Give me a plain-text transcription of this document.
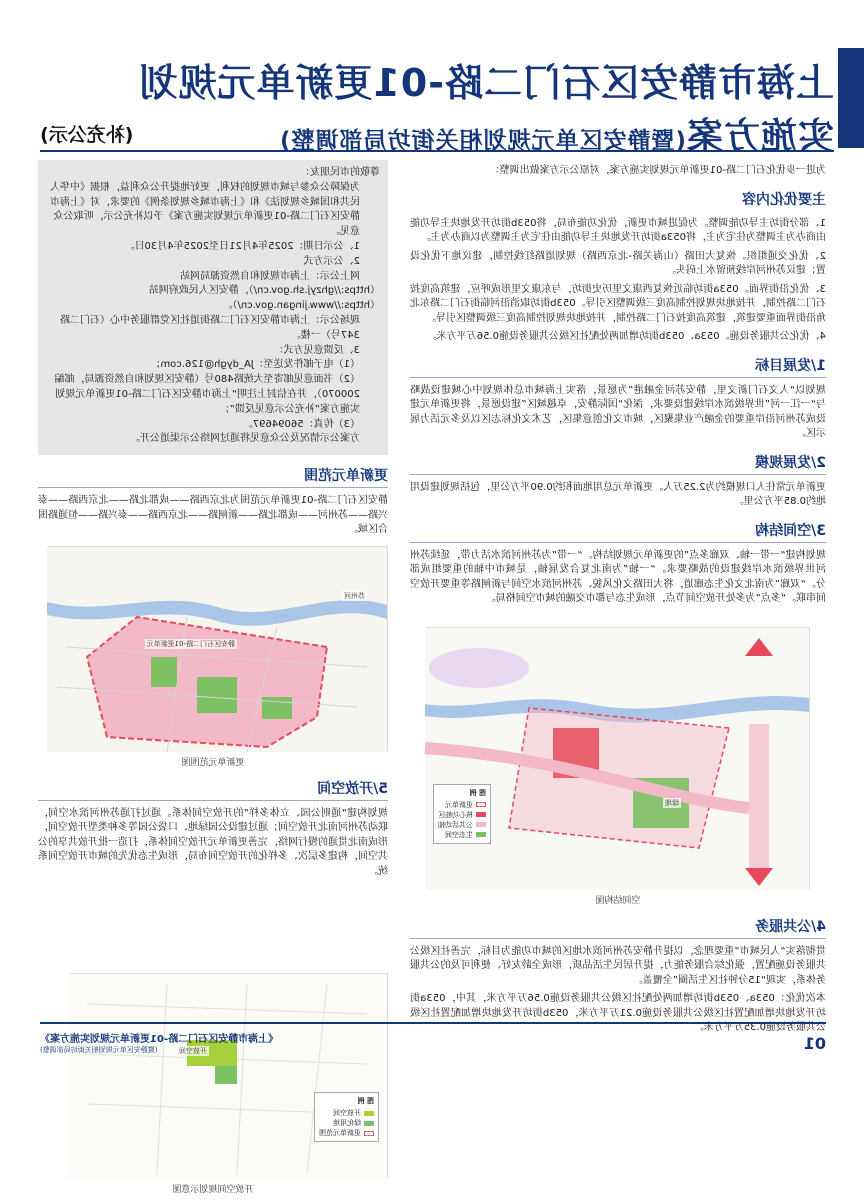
上海市静安区石门二路-01更新单元规划
实施方案(暨静安区单元规划相关街坊局部调整)
(补充公示)
尊敬的市民朋友：
为保障公众参与城市规划的权利，更好地提升公众利益，根据《中华人民共和国城乡规划法》和《上海市城乡规划条例》的要求，对《上海市静安区石门二路-01更新单元规划实施方案》予以补充公示，听取公众意见。
1、公示日期：2025年4月21日至2025年4月30日。
2、公示方式
网上公示：上海市规划和自然资源局网站
（https://ghzyj.sh.gov.cn/），静安区人民政府网站
（https://www.jingan.gov.cn/）。
现场公示：上海市静安区石门二路街道社区党群服务中心（石门二路347号）一楼。
3、反馈意见方式：
（1）电子邮件发送至：JA_dygh@126.com；
（2）书面意见邮寄至大统路480号（静安区规划和自然资源局，邮编200070），并在信封上注明“上海市静安区石门二路-01更新单元规划实施方案”补充公示意见反馈”；
（3）传真：56094697。
方案公示情况及公众意见将通过网络公示渠道公开。
更新单元范围
静安区石门二路-01更新单元范围为北京西路——成都北路——北京西路——泰兴路——苏州河——成都北路——新闸路——北京西路——泰兴路——恒通路围合区域。
静安区石门二路-01更新单元
苏州河
更新单元范围图
5/开放空间
规划构建“通则公园、立体多样”的开放空间体系。通过打通苏州河滨水空间，联动苏州河南北开放空间；通过建设公园绿地、口袋公园等多种类型开放空间，形成南北贯通的慢行网络，完善更新单元开放空间体系，打造一批开放共享的公共空间，构建多层次、多样化的开放空间布局，形成生态优先的城市开放空间系统。
开放空间
图 例
开放空间
绿化用地
更新单元范围
开放空间规划示意图
为进一步优化石门二路-01更新单元规划实施方案，对原公示方案做出调整：
主要优化内容
1、部分街坊主导功能调整。为促进城市更新，优化功能布局，将053b街坊开发地块主导功能由商办为主调整为住宅为主，将053a街坊开发地块主导功能由住宅为主调整为以商办为主。
2、优化交通组织。恢复大田路（山海关路-北京西路）规划道路红线控制，建议地下优化设置；建议苏州河岸线预留水上码头。
3、优化沿街界面。053a街坊临近恢复西康文里历史街坊，与东康文里形成呼应，建筑高度按石门二路控制，并按地块规划控制高度三级调整区引导。053b街坊取消沿河临街石门二路东北角沿街界面重要建筑，建筑高度按石门二路控制，并按地块规划控制高度三级调整区引导。
4、优化公共服务设施。053a、053b街坊增加两处配社区级公共服务设施0.56万平方米。
1/发展目标
规划以“人文石门新文里，静安苏河金融港”为愿景，落实上海城市总体规划中心城建设战略与“一江一河”世界级滨水岸线建设要求，深化“国际静安，卓越城区”建设愿景，将更新单元建设成苏州河沿岸重要的金融产业集聚区，城市文化创意集区，艺术文化标志区以及多元活力展示区。
2/发展规模
更新单元常住人口规模约为2.25万人。更新单元总用地面积约0.90平方公里，包括规划建设用地约0.85平方公里。
3/空间结构
规划构建“一带一轴、双廊多点”的更新单元规划结构。“一带”为苏州河滨水活力带，延续苏州河世界级滨水岸线建设的战略要求。“一轴”为南北复合发展轴，是城市中轴的重要组成部分。“双廊”为南北文化生态廊道，将大田路文化风貌、苏州河滨水空间与新闸路等重要开放空间串联。“多点”为多处开放空间节点，形成生态与都市交融的城市空间格局。
绿地
图 例
更新单元
核心功能区
公共活动轴
生态空间
空间结构图
4/公共服务
贯彻落实“人民城市”重要理念，以提升静安苏州河滨水地区的城市功能为目标，完善社区级公共服务设施配置，强化综合服务能力，提升居民生活品质，形成全龄友好、便利可及的公共服务体系，实现“15分钟社区生活圈”全覆盖。
本次优化：053a、053b街坊增加两处配社区级公共服务设施0.56万平方米，其中，053a街坊开发地块增加配置社区级公共服务设施0.21万平方米，053b街坊开发地块增加配置社区级公共服务设施0.35万平方米。
01
《上海市静安区石门二路-01更新单元规划实施方案》
(暨静安区单元规划相关街坊局部调整)
